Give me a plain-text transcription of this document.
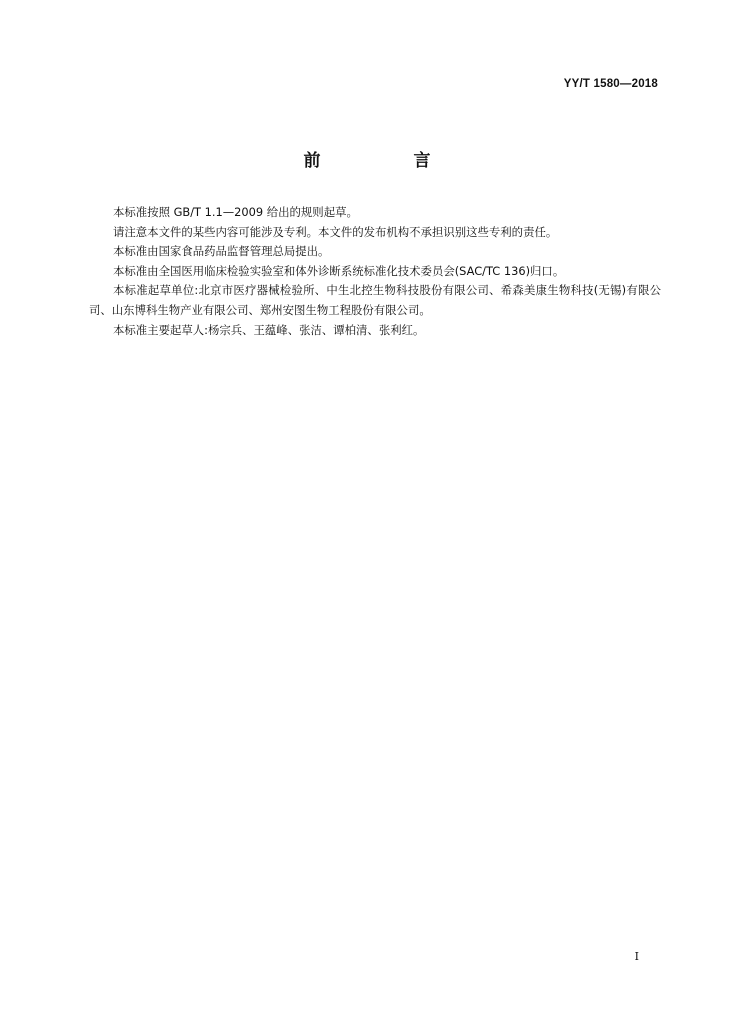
YY/T 1580—2018
前　言

本标准按照 GB/T 1.1—2009 给出的规则起草。

请注意本文件的某些内容可能涉及专利。本文件的发布机构不承担识别这些专利的责任。

本标准由国家食品药品监督管理总局提出。

本标准由全国医用临床检验实验室和体外诊断系统标准化技术委员会(SAC/TC 136)归口。

本标准起草单位:北京市医疗器械检验所、中生北控生物科技股份有限公司、希森美康生物科技(无锡)有限公司、山东博科生物产业有限公司、郑州安图生物工程股份有限公司。

本标准主要起草人:杨宗兵、王蕴峰、张洁、谭柏清、张利红。

I
